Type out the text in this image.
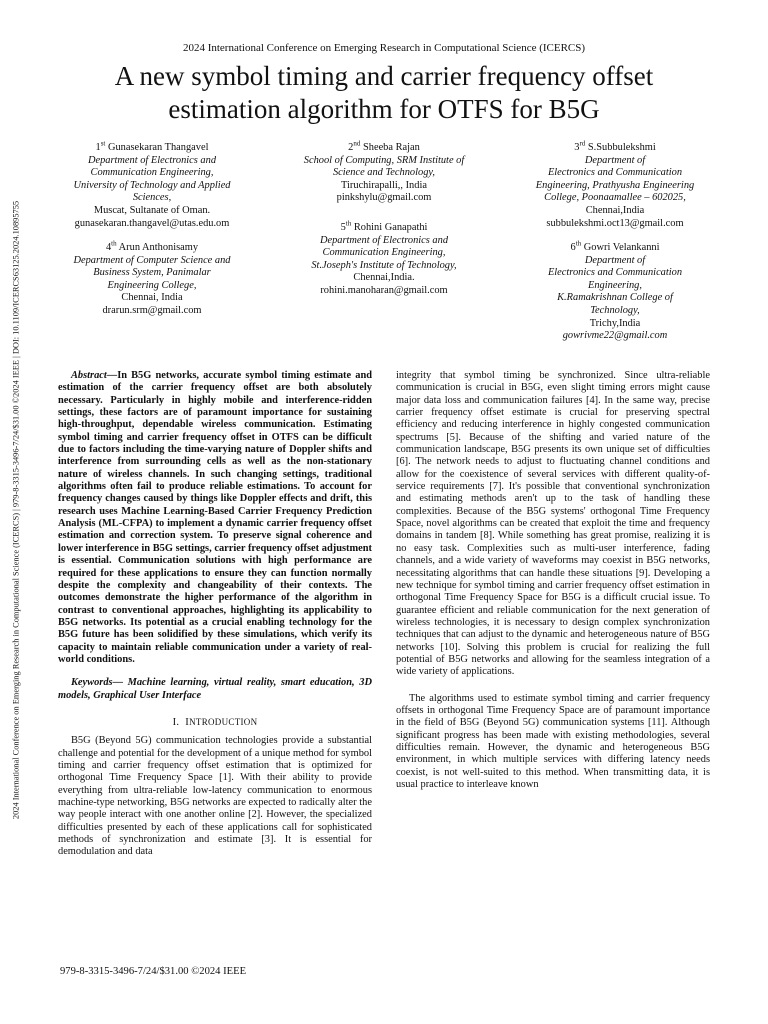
2024 International Conference on Emerging Research in Computational Science (ICERCS)
A new symbol timing and carrier frequency offset
estimation algorithm for OTFS for B5G
2024 International Conference on Emerging Research in Computational Science (ICERCS) | 979-8-3315-3496-7/24/$31.00 ©2024 IEEE | DOI: 10.1109/ICERCS63125.2024.10895755
1st Gunasekaran Thangavel
Department of Electronics and
Communication Engineering,
University of Technology and Applied
Sciences,
Muscat, Sultanate of Oman.
gunasekaran.thangavel@utas.edu.om
2nd Sheeba Rajan
School of Computing, SRM Institute of
Science and Technology,
Tiruchirapalli,, India
pinkshylu@gmail.com
3rd S.Subbulekshmi
Department of
Electronics and Communication
Engineering, Prathyusha Engineering
College, Poonaamallee – 602025,
Chennai,India
subbulekshmi.oct13@gmail.com
4th Arun Anthonisamy
Department of Computer Science and
Business System, Panimalar
Engineering College,
Chennai, India
drarun.srm@gmail.com
5th Rohini Ganapathi
Department of Electronics and
Communication Engineering,
St.Joseph's Institute of Technology,
Chennai,India.
rohini.manoharan@gmail.com
6th Gowri Velankanni
Department of
Electronics and Communication
Engineering,
K.Ramakrishnan College of
Technology,
Trichy,India
gowrivme22@gmail.com

Abstract—In B5G networks, accurate symbol timing estimate and estimation of the carrier frequency offset are both absolutely necessary. Particularly in highly mobile and interference-ridden settings, these factors are of paramount importance for sustaining high-throughput, dependable wireless communication. Estimating symbol timing and carrier frequency offset in OTFS can be difficult due to factors including the time-varying nature of Doppler shifts and interference from surrounding cells as well as the non-stationary nature of wireless channels. In such changing settings, traditional algorithms often fail to produce reliable estimations. To account for frequency changes caused by things like Doppler effects and drift, this research uses Machine Learning-Based Carrier Frequency Prediction Analysis (ML-CFPA) to implement a dynamic carrier frequency offset estimation and correction system. To preserve signal coherence and lower interference in B5G settings, carrier frequency offset adjustment is essential. Communication solutions with high performance are required for these applications to ensure they can function normally despite the complexity and changeability of their contexts. The outcomes demonstrate the higher performance of the algorithm in contrast to conventional approaches, highlighting its applicability to B5G networks. Its potential as a crucial enabling technology for the B5G future has been solidified by these simulations, which verify its capacity to maintain reliable communication under a variety of real-world conditions.

Keywords— Machine learning, virtual reality, smart education, 3D models, Graphical User Interface

I. INTRODUCTION

B5G (Beyond 5G) communication technologies provide a substantial challenge and potential for the development of a unique method for symbol timing and carrier frequency offset estimation that is optimized for orthogonal Time Frequency Space [1]. With their ability to provide everything from ultra-reliable low-latency communication to enormous machine-type networking, B5G networks are expected to radically alter the way people interact with one another online [2]. However, the specialized difficulties presented by each of these applications call for sophisticated methods of synchronization and estimate [3]. It is essential for demodulation and data

integrity that symbol timing be synchronized. Since ultra-reliable communication is crucial in B5G, even slight timing errors might cause major data loss and communication failures [4]. In the same way, precise carrier frequency offset estimate is crucial for preserving spectral efficiency and reducing interference in highly congested communication spectrums [5]. Because of the shifting and varied nature of the communication landscape, B5G presents its own unique set of difficulties [6]. The network needs to adjust to fluctuating channel conditions and allow for the coexistence of several services with different quality-of-service requirements [7]. It's possible that conventional synchronization and estimating methods aren't up to the task of handling these complexities. Because of the B5G systems' orthogonal Time Frequency Space, novel algorithms can be created that exploit the time and frequency domains in tandem [8]. While something has great promise, realizing it is no easy task. Complexities such as multi-user interference, fading channels, and a wide variety of waveforms may coexist in B5G networks, necessitating algorithms that can handle these situations [9]. Developing a new technique for symbol timing and carrier frequency offset estimation in orthogonal Time Frequency Space for B5G is a difficult crucial issue. To guarantee efficient and reliable communication for the next generation of wireless technologies, it is necessary to design complex synchronization techniques that can adjust to the dynamic and heterogeneous nature of B5G networks [10]. Solving this problem is crucial for realizing the full potential of B5G networks and allowing for the seamless integration of a wide variety of applications.

The algorithms used to estimate symbol timing and carrier frequency offsets in orthogonal Time Frequency Space are of paramount importance in the field of B5G (Beyond 5G) communication systems [11]. Although significant progress has been made with existing methodologies, several difficulties remain. However, the dynamic and heterogeneous B5G environment, in which multiple services with differing latency needs coexist, is not well-suited to this method. When transmitting data, it is usual practice to interleave known

979-8-3315-3496-7/24/$31.00 ©2024 IEEE
